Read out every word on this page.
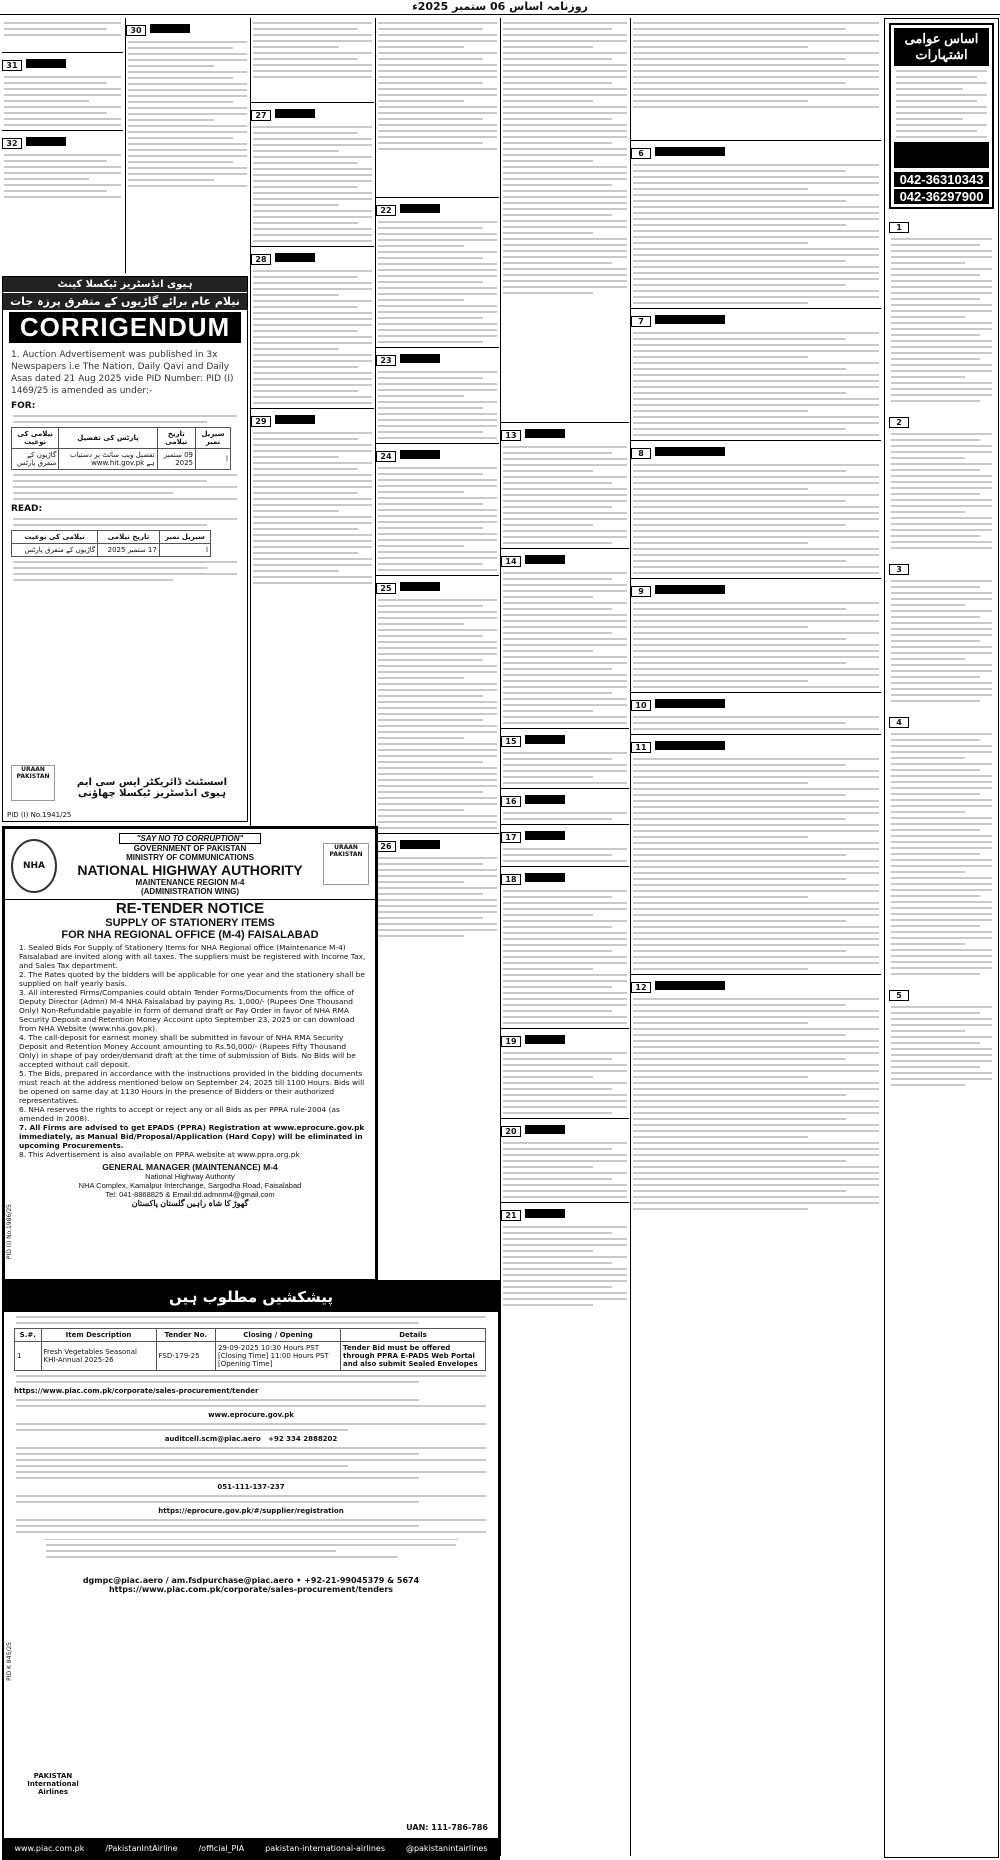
روزنامہ اساس 06 ستمبر 2025ء
اساس عوامی اشتہارات
042-36310343
042-36297900
1
2
3
4
5
6
7
8
9
10
11
12
13
14
15
16
17
18
19
20
21
22
23
24
25
26
27
28
29
30
31
32
ہیوی انڈسٹریز ٹیکسلا کینٹ
نیلام عام برائے گاڑیوں کے متفرق پرزہ جات
CORRIGENDUM
1. Auction Advertisement was published in 3x Newspapers i.e The Nation, Daily Qavi and Daily Asas dated 21 Aug 2025 vide PID Number: PID (I) 1469/25 is amended as under:-
FOR:
سیریل نمبر	تاریخ نیلامی	پارٹس کی تفصیل	نیلامی کی نوعیت
ا	09 ستمبر 2025	تفصیل ویب سائٹ پر دستیاب ہے www.hit.gov.pk	گاڑیوں کے متفرق پارٹس
READ:
سیریل نمبر	تاریخ نیلامی	نیلامی کی نوعیت
ا	17 ستمبر 2025	گاڑیوں کے متفرق پارٹس
URAAN PAKISTAN
اسسٹنٹ ڈائریکٹر ایس سی ایم ہیوی انڈسٹریز ٹیکسلا چھاؤنی
PID (I) No.1941/25
NHA
URAAN PAKISTAN
"SAY NO TO CORRUPTION"
GOVERNMENT OF PAKISTAN
MINISTRY OF COMMUNICATIONS
NATIONAL HIGHWAY AUTHORITY
MAINTENANCE REGION M-4
(ADMINISTRATION WING)
RE-TENDER NOTICE
SUPPLY OF STATIONERY ITEMS
FOR NHA REGIONAL OFFICE (M-4) FAISALABAD
1. Sealed Bids For Supply of Stationery Items for NHA Regional office (Maintenance M-4) Faisalabad are invited along with all taxes. The suppliers must be registered with Income Tax, and Sales Tax department.
2. The Rates quoted by the bidders will be applicable for one year and the stationery shall be supplied on half yearly basis.
3. All interested Firms/Companies could obtain Tender Forms/Documents from the office of Deputy Director (Admn) M-4 NHA Faisalabad by paying Rs. 1,000/- (Rupees One Thousand Only) Non-Refundable payable in form of demand draft or Pay Order in favor of NHA RMA Security Deposit and Retention Money Account upto September 23, 2025 or can download from NHA Website (www.nha.gov.pk).
4. The call-deposit for earnest money shall be submitted in favour of NHA RMA Security Deposit and Retention Money Account amounting to Rs.50,000/- (Rupees Fifty Thousand Only) in shape of pay order/demand draft at the time of submission of Bids. No Bids will be accepted without call deposit.
5. The Bids, prepared in accordance with the instructions provided in the bidding documents must reach at the address mentioned below on September 24, 2025 till 1100 Hours. Bids will be opened on same day at 1130 Hours in the presence of Bidders or their authorized representatives.
6. NHA reserves the rights to accept or reject any or all Bids as per PPRA rule-2004 (as amended in 2008).
7. All Firms are advised to get EPADS (PPRA) Registration at www.eprocure.gov.pk immediately, as Manual Bid/Proposal/Application (Hard Copy) will be eliminated in upcoming Procurements.
8. This Advertisement is also available on PPRA website at www.ppra.org.pk
GENERAL MANAGER (MAINTENANCE) M-4
National Highway Authority
NHA Complex, Kamalpur Interchange, Sargodha Road, Faisalabad
Tel: 041-8868825 & Email:dd.admnm4@gmail.com
گھوڑ کا شاہ راہیں گلستان پاکستان
PID (I) No.1986/25
پیشکشیں مطلوب ہیں
S.#.	Item Description	Tender No.	Closing / Opening	Details
1	Fresh Vegetables Seasonal KHI-Annual 2025-26	FSD-179-25	29-09-2025 10:30 Hours PST [Closing Time] 11:00 Hours PST [Opening Time]	Tender Bid must be offered through PPRA E-PADS Web Portal and also submit Sealed Envelopes
https://www.piac.com.pk/corporate/sales-procurement/tender
www.eprocure.gov.pk
auditcell.scm@piac.aero +92 334 2888202
051-111-137-237
https://eprocure.gov.pk/#/supplier/registration
dgmpc@piac.aero / am.fsdpurchase@piac.aero • +92-21-99045379 & 5674
https://www.piac.com.pk/corporate/sales-procurement/tenders
PAKISTAN International Airlines
PID K 845/25
UAN: 111-786-786
www.piac.com.pk	/PakistanIntAirline	/official_PIA	pakistan-international-airlines	@pakistanintairlines
